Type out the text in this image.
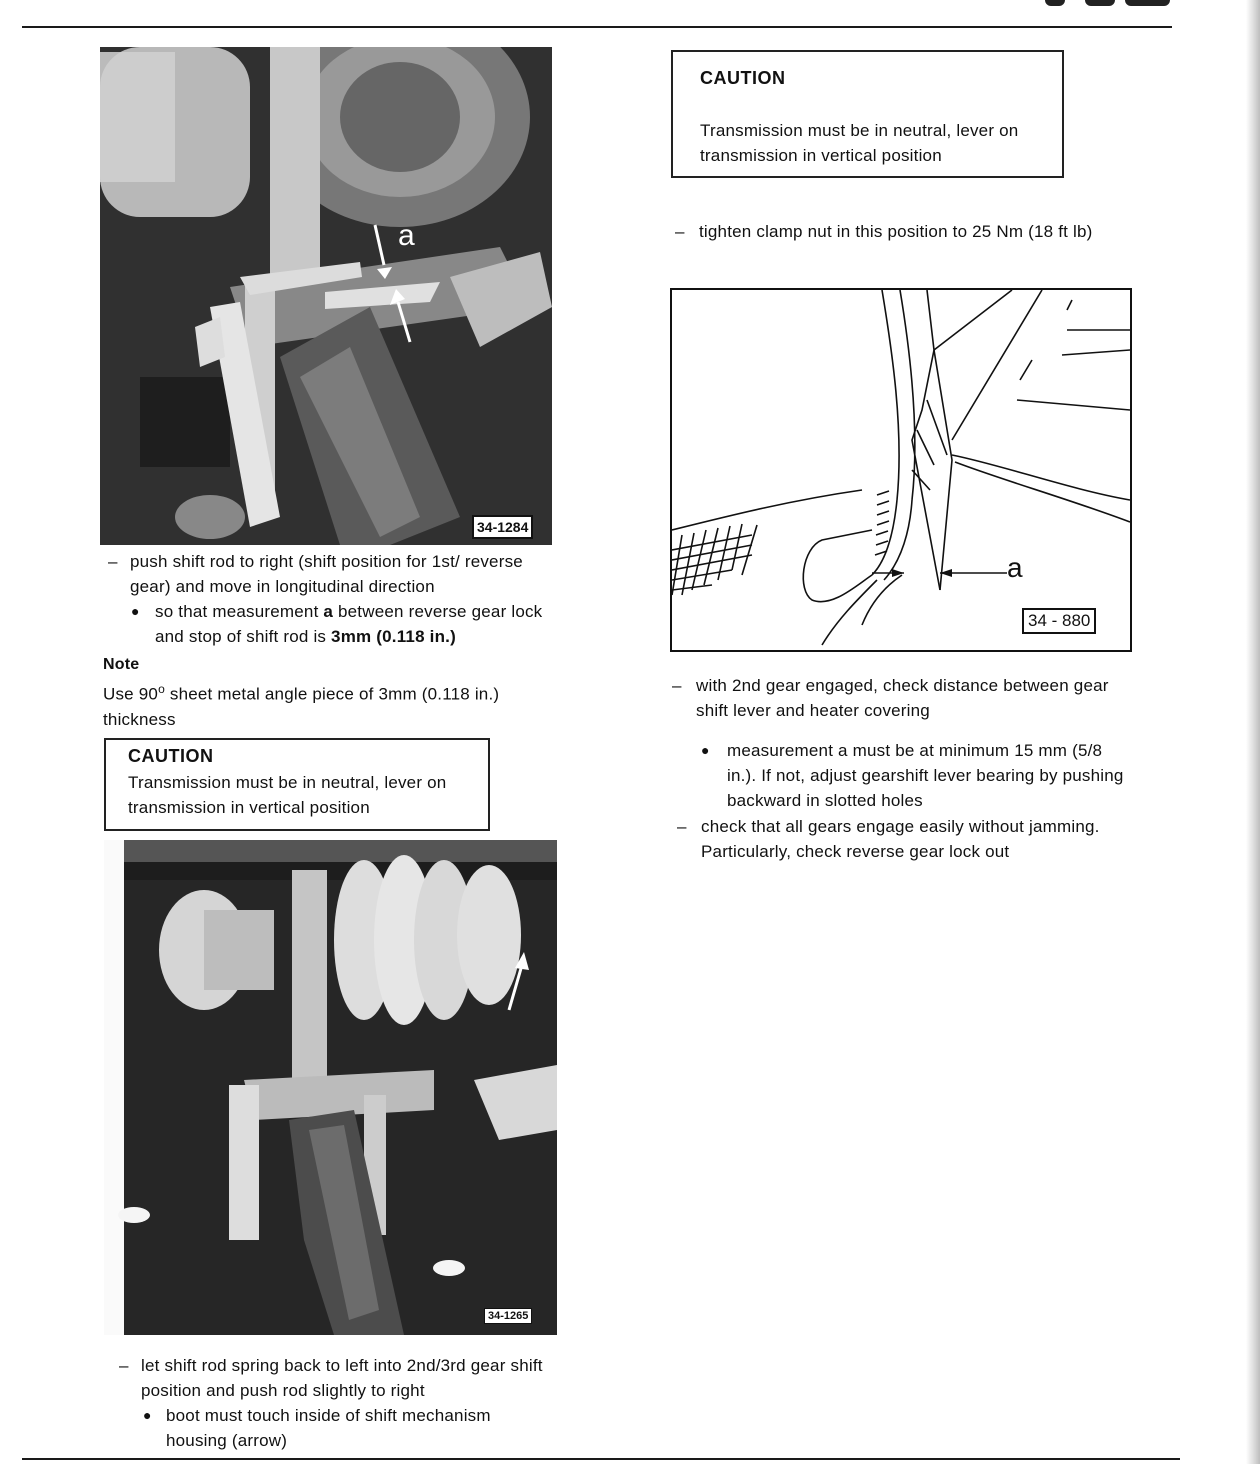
a
34-1284
– push shift rod to right (shift position for 1st/ reverse gear) and move in longitudinal direction
● so that measurement a between reverse gear lock and stop of shift rod is 3mm (0.118 in.)
Note
Use 90$^o$ sheet metal angle piece of 3mm (0.118 in.) thickness
CAUTION
Transmission must be in neutral, lever on transmission in vertical position
34-1265
– let shift rod spring back to left into 2nd/3rd gear shift position and push rod slightly to right
● boot must touch inside of shift mechanism housing (arrow)
CAUTION
Transmission must be in neutral, lever on transmission in vertical position
– tighten clamp nut in this position to 25 Nm (18 ft lb)
a
34 - 880
– with 2nd gear engaged, check distance between gear shift lever and heater covering
● measurement a must be at minimum 15 mm (5/8 in.). If not, adjust gearshift lever bearing by pushing backward in slotted holes
– check that all gears engage easily without jamming. Particularly, check reverse gear lock out
